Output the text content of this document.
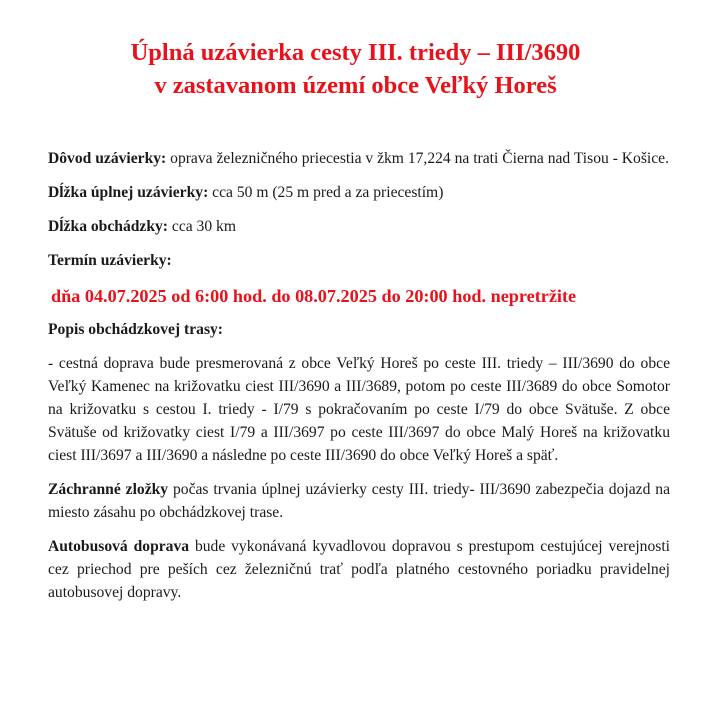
Úplná uzávierka cesty III. triedy – III/3690
v zastavanom území obce Veľký Horeš

Dôvod uzávierky: oprava železničného priecestia v žkm 17,224 na trati Čierna nad Tisou - Košice.

Dĺžka úplnej uzávierky: cca 50 m (25 m pred a za priecestím)

Dĺžka obchádzky: cca 30 km

Termín uzávierky:

dňa 04.07.2025 od 6:00 hod. do 08.07.2025 do 20:00 hod. nepretržite

Popis obchádzkovej trasy:

- cestná doprava bude presmerovaná z obce Veľký Horeš po ceste III. triedy – III/3690 do obce Veľký Kamenec na križovatku ciest III/3690 a III/3689, potom po ceste III/3689 do obce Somotor na križovatku s cestou I. triedy - I/79 s pokračovaním po ceste I/79 do obce Svätuše. Z obce Svätuše od križovatky ciest I/79 a III/3697 po ceste III/3697 do obce Malý Horeš na križovatku ciest III/3697 a III/3690 a následne po ceste III/3690 do obce Veľký Horeš a späť.

Záchranné zložky počas trvania úplnej uzávierky cesty III. triedy- III/3690 zabezpečia dojazd na miesto zásahu po obchádzkovej trase.

Autobusová doprava bude vykonávaná kyvadlovou dopravou s prestupom cestujúcej verejnosti cez priechod pre peších cez železničnú trať podľa platného cestovného poriadku pravidelnej autobusovej dopravy.
